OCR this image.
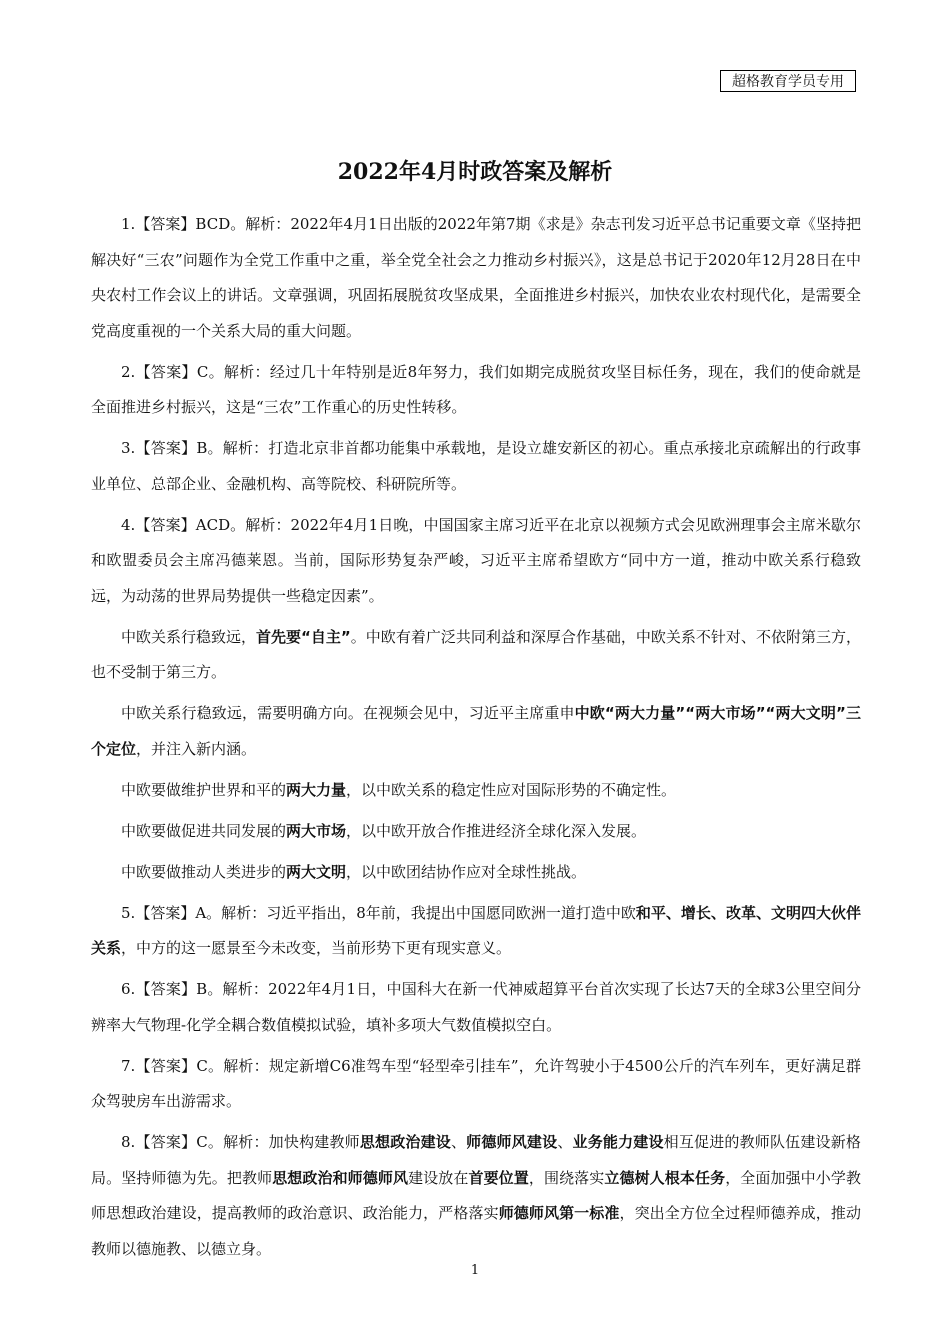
超格教育学员专用
2022年4月时政答案及解析

1.【答案】BCD。解析：2022年4月1日出版的2022年第7期《求是》杂志刊发习近平总书记重要文章《坚持把解决好“三农”问题作为全党工作重中之重，举全党全社会之力推动乡村振兴》，这是总书记于2020年12月28日在中央农村工作会议上的讲话。文章强调，巩固拓展脱贫攻坚成果，全面推进乡村振兴，加快农业农村现代化，是需要全党高度重视的一个关系大局的重大问题。

2.【答案】C。解析：经过几十年特别是近8年努力，我们如期完成脱贫攻坚目标任务，现在，我们的使命就是全面推进乡村振兴，这是“三农”工作重心的历史性转移。

3.【答案】B。解析：打造北京非首都功能集中承载地，是设立雄安新区的初心。重点承接北京疏解出的行政事业单位、总部企业、金融机构、高等院校、科研院所等。

4.【答案】ACD。解析：2022年4月1日晚，中国国家主席习近平在北京以视频方式会见欧洲理事会主席米歇尔和欧盟委员会主席冯德莱恩。当前，国际形势复杂严峻，习近平主席希望欧方“同中方一道，推动中欧关系行稳致远，为动荡的世界局势提供一些稳定因素”。

中欧关系行稳致远，首先要“自主”。中欧有着广泛共同利益和深厚合作基础，中欧关系不针对、不依附第三方，也不受制于第三方。

中欧关系行稳致远，需要明确方向。在视频会见中，习近平主席重申中欧“两大力量”“两大市场”“两大文明”三个定位，并注入新内涵。

中欧要做维护世界和平的两大力量，以中欧关系的稳定性应对国际形势的不确定性。

中欧要做促进共同发展的两大市场，以中欧开放合作推进经济全球化深入发展。

中欧要做推动人类进步的两大文明，以中欧团结协作应对全球性挑战。

5.【答案】A。解析：习近平指出，8年前，我提出中国愿同欧洲一道打造中欧和平、增长、改革、文明四大伙伴关系，中方的这一愿景至今未改变，当前形势下更有现实意义。

6.【答案】B。解析：2022年4月1日，中国科大在新一代神威超算平台首次实现了长达7天的全球3公里空间分辨率大气物理-化学全耦合数值模拟试验，填补多项大气数值模拟空白。

7.【答案】C。解析：规定新增C6准驾车型“轻型牵引挂车”，允许驾驶小于4500公斤的汽车列车，更好满足群众驾驶房车出游需求。

8.【答案】C。解析：加快构建教师思想政治建设、师德师风建设、业务能力建设相互促进的教师队伍建设新格局。坚持师德为先。把教师思想政治和师德师风建设放在首要位置，围绕落实立德树人根本任务，全面加强中小学教师思想政治建设，提高教师的政治意识、政治能力，严格落实师德师风第一标准，突出全方位全过程师德养成，推动教师以德施教、以德立身。

1
